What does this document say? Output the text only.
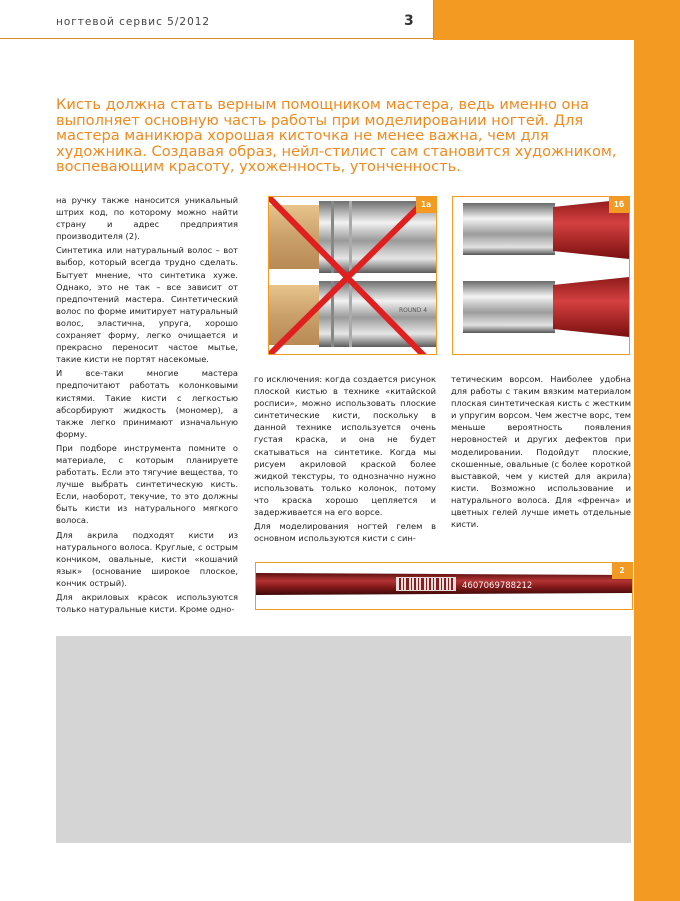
ногтевой сервис 5/2012	3
Кисть должна стать верным помощником мастера, ведь именно она выполняет основную часть работы при моделировании ногтей. Для мастера маникюра хорошая кисточка не менее важна, чем для художника. Создавая образ, нейл-стилист сам становится художником, воспевающим красоту, ухоженность, утонченность.

на ручку также наносится уникальный штрих код, по которому можно найти страну и адрес предприятия производителя (2).

Синтетика или натуральный волос – вот выбор, который всегда трудно сделать. Бытует мнение, что синтетика хуже. Однако, это не так – все зависит от предпочтений мастера. Синтетический волос по форме имитирует натуральный волос, эластична, упруга, хорошо сохраняет форму, легко очищается и прекрасно переносит частое мытье, такие кисти не портят насекомые.

И все-таки многие мастера предпочитают работать колонковыми кистями. Такие кисти с легкостью абсорбируют жидкость (мономер), а также легко принимают изначальную форму.

При подборе инструмента помните о материале, с которым планируете работать. Если это тягучие вещества, то лучше выбрать синтетическую кисть. Если, наоборот, текучие, то это должны быть кисти из натурального мягкого волоса.

Для акрила подходят кисти из натурального волоса. Круглые, с острым кончиком, овальные, кисти «кошачий язык» (основание широкое плоское, кончик острый).

Для акриловых красок используются только натуральные кисти. Кроме одно-

ROUND 4
1а	1б

го исключения: когда создается рисунок плоской кистью в технике «китайской росписи», можно использовать плоские синтетические кисти, поскольку в данной технике используется очень густая краска, и она не будет скатываться на синтетике. Когда мы рисуем акриловой краской более жидкой текстуры, то однозначно нужно использовать только колонок, потому что краска хорошо цепляется и задерживается на его ворсе.

Для моделирования ногтей гелем в основном используются кисти с син-

тетическим ворсом. Наиболее удобна для работы с таким вязким материалом плоская синтетическая кисть с жестким и упругим ворсом. Чем жестче ворс, тем меньше вероятность появления неровностей и других дефектов при моделировании. Подойдут плоские, скошенные, овальные (с более короткой выставкой, чем у кистей для акрила) кисти. Возможно использование и натурального волоса. Для «френча» и цветных гелей лучше иметь отдельные кисти.

4607069788212
2
